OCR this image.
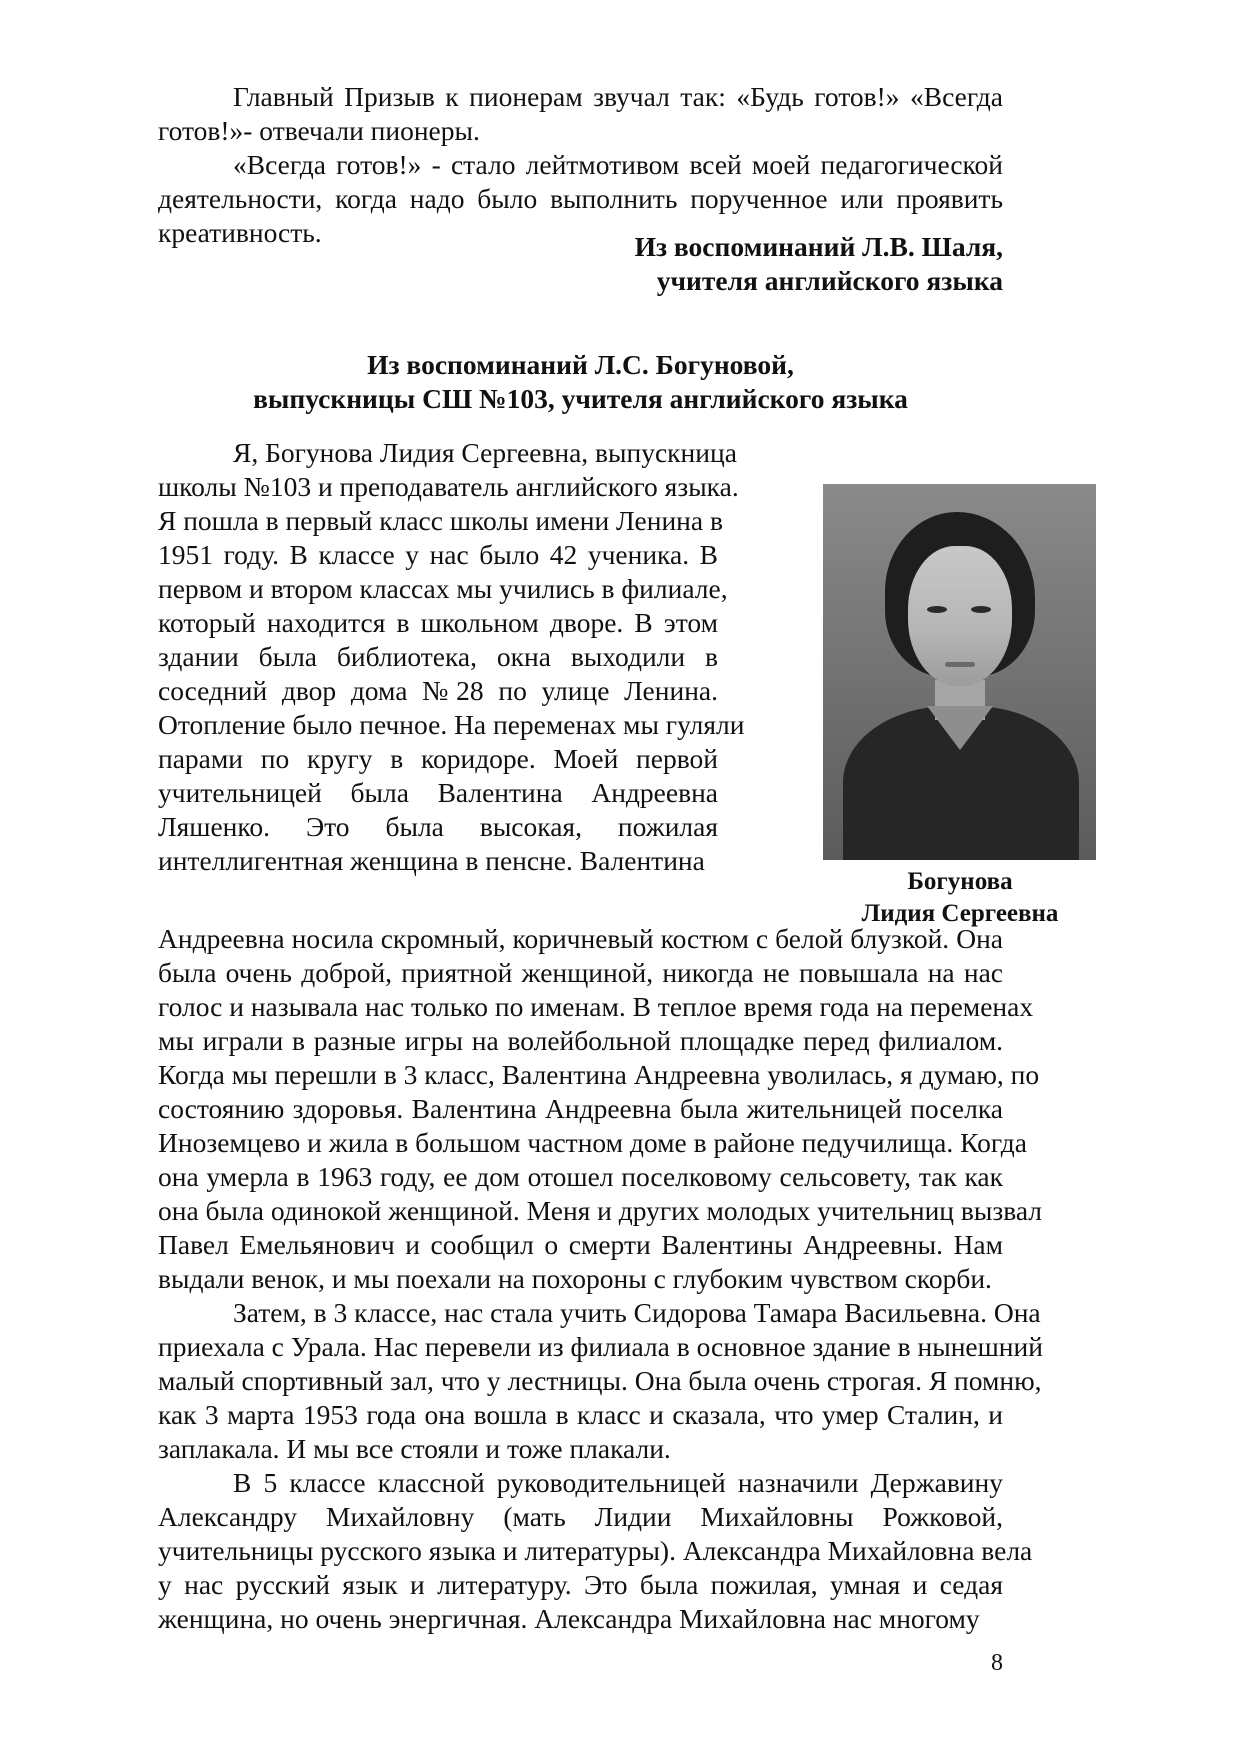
Главный Призыв к пионерам звучал так: «Будь готов!» «Всегда
готов!»- отвечали пионеры.
«Всегда готов!» - стало лейтмотивом всей моей педагогической
деятельности, когда надо было выполнить порученное или проявить
креативность.	Из воспоминаний Л.В. Шаля,
учителя английского языка
Из воспоминаний Л.С. Богуновой,
выпускницы СШ №103, учителя английского языка
Я, Богунова Лидия Сергеевна, выпускница
школы №103 и преподаватель английского языка.
Я пошла в первый класс школы имени Ленина в
1951 году. В классе у нас было 42 ученика. В
первом и втором классах мы учились в филиале,
который находится в школьном дворе. В этом
здании была библиотека, окна выходили в
соседний двор дома №28 по улице Ленина.
Отопление было печное. На переменах мы гуляли
парами по кругу в коридоре. Моей первой
учительницей была Валентина Андреевна
Ляшенко. Это была высокая, пожилая
интеллигентная женщина в пенсне. Валентина
Богунова
Лидия Сергеевна
Андреевна носила скромный, коричневый костюм с белой блузкой. Она
была очень доброй, приятной женщиной, никогда не повышала на нас
голос и называла нас только по именам. В теплое время года на переменах
мы играли в разные игры на волейбольной площадке перед филиалом.
Когда мы перешли в 3 класс, Валентина Андреевна уволилась, я думаю, по
состоянию здоровья. Валентина Андреевна была жительницей поселка
Иноземцево и жила в большом частном доме в районе педучилища. Когда
она умерла в 1963 году, ее дом отошел поселковому сельсовету, так как
она была одинокой женщиной. Меня и других молодых учительниц вызвал
Павел Емельянович и сообщил о смерти Валентины Андреевны. Нам
выдали венок, и мы поехали на похороны с глубоким чувством скорби.
Затем, в 3 классе, нас стала учить Сидорова Тамара Васильевна. Она
приехала с Урала. Нас перевели из филиала в основное здание в нынешний
малый спортивный зал, что у лестницы. Она была очень строгая. Я помню,
как 3 марта 1953 года она вошла в класс и сказала, что умер Сталин, и
заплакала. И мы все стояли и тоже плакали.
В 5 классе классной руководительницей назначили Державину
Александру Михайловну (мать Лидии Михайловны Рожковой,
учительницы русского языка и литературы). Александра Михайловна вела
у нас русский язык и литературу. Это была пожилая, умная и седая
женщина, но очень энергичная. Александра Михайловна нас многому
8
